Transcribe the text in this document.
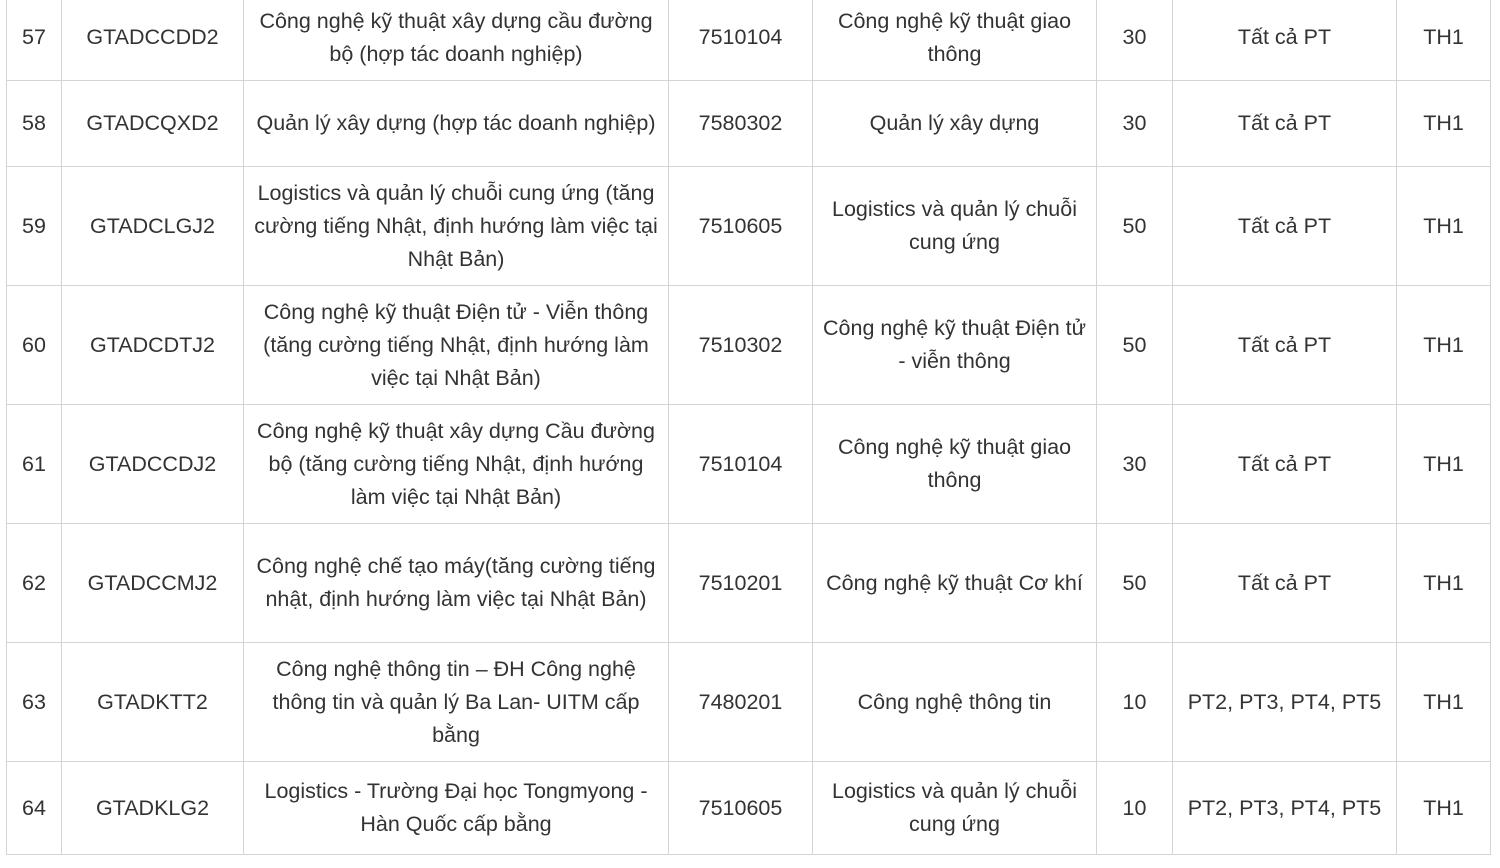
57	GTADCCDD2	Công nghệ kỹ thuật xây dựng cầu đường bộ (hợp tác doanh nghiệp)	7510104	Công nghệ kỹ thuật giao thông	30	Tất cả PT	TH1
58	GTADCQXD2	Quản lý xây dựng (hợp tác doanh nghiệp)	7580302	Quản lý xây dựng	30	Tất cả PT	TH1
59	GTADCLGJ2	Logistics và quản lý chuỗi cung ứng (tăng cường tiếng Nhật, định hướng làm việc tại Nhật Bản)	7510605	Logistics và quản lý chuỗi cung ứng	50	Tất cả PT	TH1
60	GTADCDTJ2	Công nghệ kỹ thuật Điện tử - Viễn thông (tăng cường tiếng Nhật, định hướng làm việc tại Nhật Bản)	7510302	Công nghệ kỹ thuật Điện tử - viễn thông	50	Tất cả PT	TH1
61	GTADCCDJ2	Công nghệ kỹ thuật xây dựng Cầu đường bộ (tăng cường tiếng Nhật, định hướng làm việc tại Nhật Bản)	7510104	Công nghệ kỹ thuật giao thông	30	Tất cả PT	TH1
62	GTADCCMJ2	Công nghệ chế tạo máy(tăng cường tiếng nhật, định hướng làm việc tại Nhật Bản)	7510201	Công nghệ kỹ thuật Cơ khí	50	Tất cả PT	TH1
63	GTADKTT2	Công nghệ thông tin – ĐH Công nghệ thông tin và quản lý Ba Lan- UITM cấp bằng	7480201	Công nghệ thông tin	10	PT2, PT3, PT4, PT5	TH1
64	GTADKLG2	Logistics - Trường Đại học Tongmyong - Hàn Quốc cấp bằng	7510605	Logistics và quản lý chuỗi cung ứng	10	PT2, PT3, PT4, PT5	TH1
